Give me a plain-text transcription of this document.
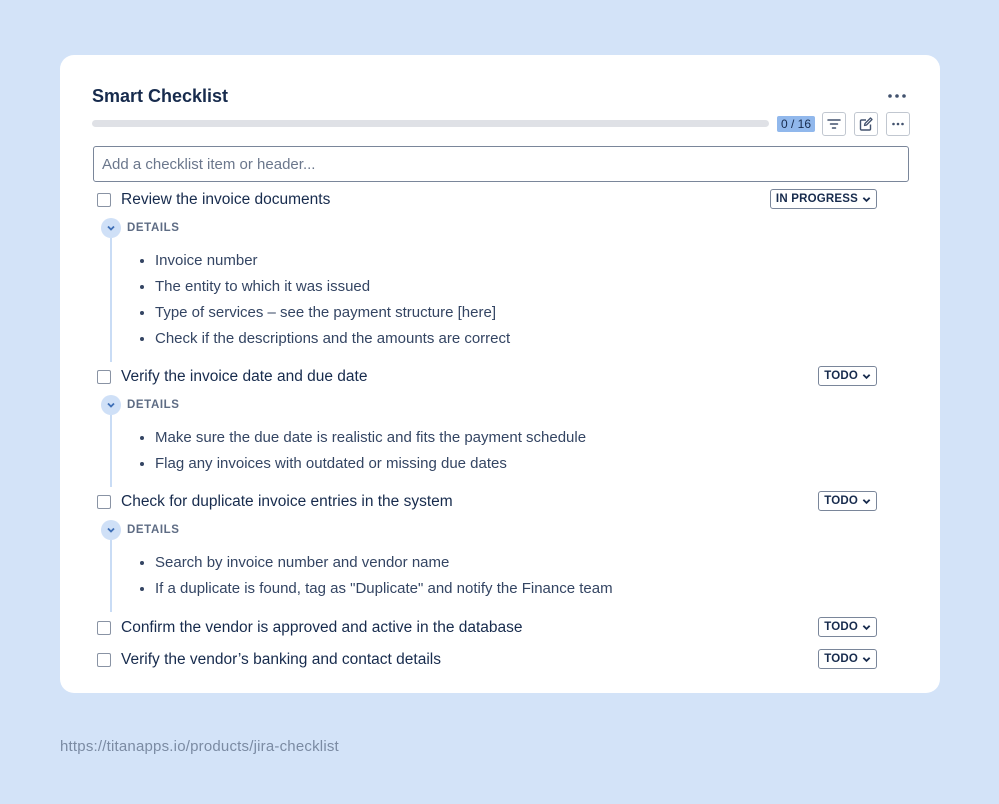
Smart Checklist
0 / 16
Add a checklist item or header...
Review the invoice documents	IN PROGRESS
DETAILS
• Invoice number
• The entity to which it was issued
• Type of services – see the payment structure [here]
• Check if the descriptions and the amounts are correct
Verify the invoice date and due date	TODO
DETAILS
• Make sure the due date is realistic and fits the payment schedule
• Flag any invoices with outdated or missing due dates
Check for duplicate invoice entries in the system	TODO
DETAILS
• Search by invoice number and vendor name
• If a duplicate is found, tag as "Duplicate" and notify the Finance team
Confirm the vendor is approved and active in the database	TODO
Verify the vendor’s banking and contact details	TODO
https://titanapps.io/products/jira-checklist
